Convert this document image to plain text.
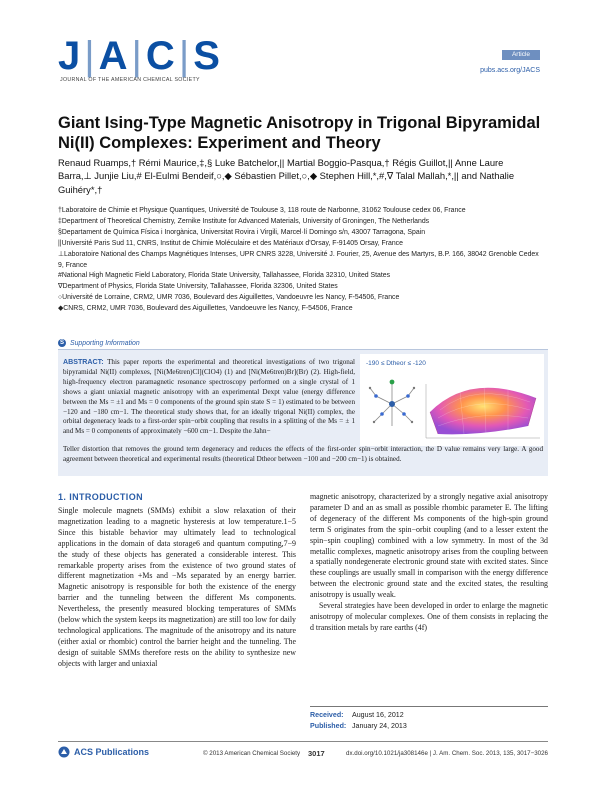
J|A|C|S
JOURNAL OF THE AMERICAN CHEMICAL SOCIETY
Article
pubs.acs.org/JACS
Giant Ising-Type Magnetic Anisotropy in Trigonal Bipyramidal Ni(II) Complexes: Experiment and Theory
Renaud Ruamps,† Rémi Maurice,‡,§ Luke Batchelor,|| Martial Boggio-Pasqua,† Régis Guillot,|| Anne Laure Barra,⊥ Junjie Liu,# El-Eulmi Bendeif,○,◆ Sébastien Pillet,○,◆ Stephen Hill,*,#,∇ Talal Mallah,*,|| and Nathalie Guihéry*,†
†Laboratoire de Chimie et Physique Quantiques, Université de Toulouse 3, 118 route de Narbonne, 31062 Toulouse cedex 06, France
‡Department of Theoretical Chemistry, Zernike Institute for Advanced Materials, University of Groningen, The Netherlands
§Departament de Química Física i Inorgànica, Universitat Rovira i Virgili, Marcel·lí Domingo s/n, 43007 Tarragona, Spain
||Université Paris Sud 11, CNRS, Institut de Chimie Moléculaire et des Matériaux d'Orsay, F-91405 Orsay, France
⊥Laboratoire National des Champs Magnétiques Intenses, UPR CNRS 3228, Université J. Fourier, 25, Avenue des Martyrs, B.P. 166, 38042 Grenoble Cedex 9, France
#National High Magnetic Field Laboratory, Florida State University, Tallahassee, Florida 32310, United States
∇Department of Physics, Florida State University, Tallahassee, Florida 32306, United States
○Université de Lorraine, CRM2, UMR 7036, Boulevard des Aiguillettes, Vandoeuvre les Nancy, F-54506, France
◆CNRS, CRM2, UMR 7036, Boulevard des Aiguillettes, Vandoeuvre les Nancy, F-54506, France
S Supporting Information
ABSTRACT: This paper reports the experimental and theoretical investigations of two trigonal bipyramidal Ni(II) complexes, [Ni(Me6tren)Cl](ClO4) (1) and [Ni(Me6tren)Br](Br) (2). High-field, high-frequency electron paramagnetic resonance spectroscopy performed on a single crystal of 1 shows a giant uniaxial magnetic anisotropy with an experimental Dexpt value (energy difference between the Ms = ±1 and Ms = 0 components of the ground spin state S = 1) estimated to be between −120 and −180 cm−1. The theoretical study shows that, for an ideally trigonal Ni(II) complex, the orbital degeneracy leads to a first-order spin−orbit coupling that results in a splitting of the Ms = ± 1 and Ms = 0 components of approximately −600 cm−1. Despite the Jahn−
-190 ≤ Dtheor ≤ -120
Teller distortion that removes the ground term degeneracy and reduces the effects of the first-order spin−orbit interaction, the D value remains very large. A good agreement between theoretical and experimental results (theoretical Dtheor between −100 and −200 cm−1) is obtained.
1. INTRODUCTION

Single molecule magnets (SMMs) exhibit a slow relaxation of their magnetization leading to a magnetic hysteresis at low temperature.1−5 Since this bistable behavior may ultimately lead to technological applications in the domain of data storage6 and quantum computing,7−9 the study of these objects has generated a considerable interest. This remarkable property arises from the existence of two ground states of different magnetization +Ms and −Ms separated by an energy barrier. Magnetic anisotropy is responsible for both the existence of the energy barrier and the tunneling between the different Ms components. Nevertheless, the presently measured blocking temperatures of SMMs (below which the system keeps its magnetization) are still too low for daily technological applications. The magnitude of the anisotropy and its nature (either axial or rhombic) control the barrier height and the tunneling. The design of suitable SMMs therefore rests on the ability to synthesize new objects with larger and uniaxial

magnetic anisotropy, characterized by a strongly negative axial anisotropy parameter D and an as small as possible rhombic parameter E. The lifting of degeneracy of the different Ms components of the high-spin ground term S originates from the spin−orbit coupling (and to a lesser extent the spin−spin coupling) combined with a low symmetry. In most of the 3d metallic complexes, magnetic anisotropy arises from the coupling between a spatially nondegenerate electronic ground state with excited states. Since these couplings are usually small in comparison with the energy difference between the electronic ground state and the excited states, the resulting anisotropy is usually weak.

Several strategies have been developed in order to enlarge the magnetic anisotropy of molecular complexes. One of them consists in replacing the d transition metals by rare earths (4f)

Received: August 16, 2012
Published: January 24, 2013
ACS Publications	© 2013 American Chemical Society 3017	dx.doi.org/10.1021/ja308146e | J. Am. Chem. Soc. 2013, 135, 3017−3026
